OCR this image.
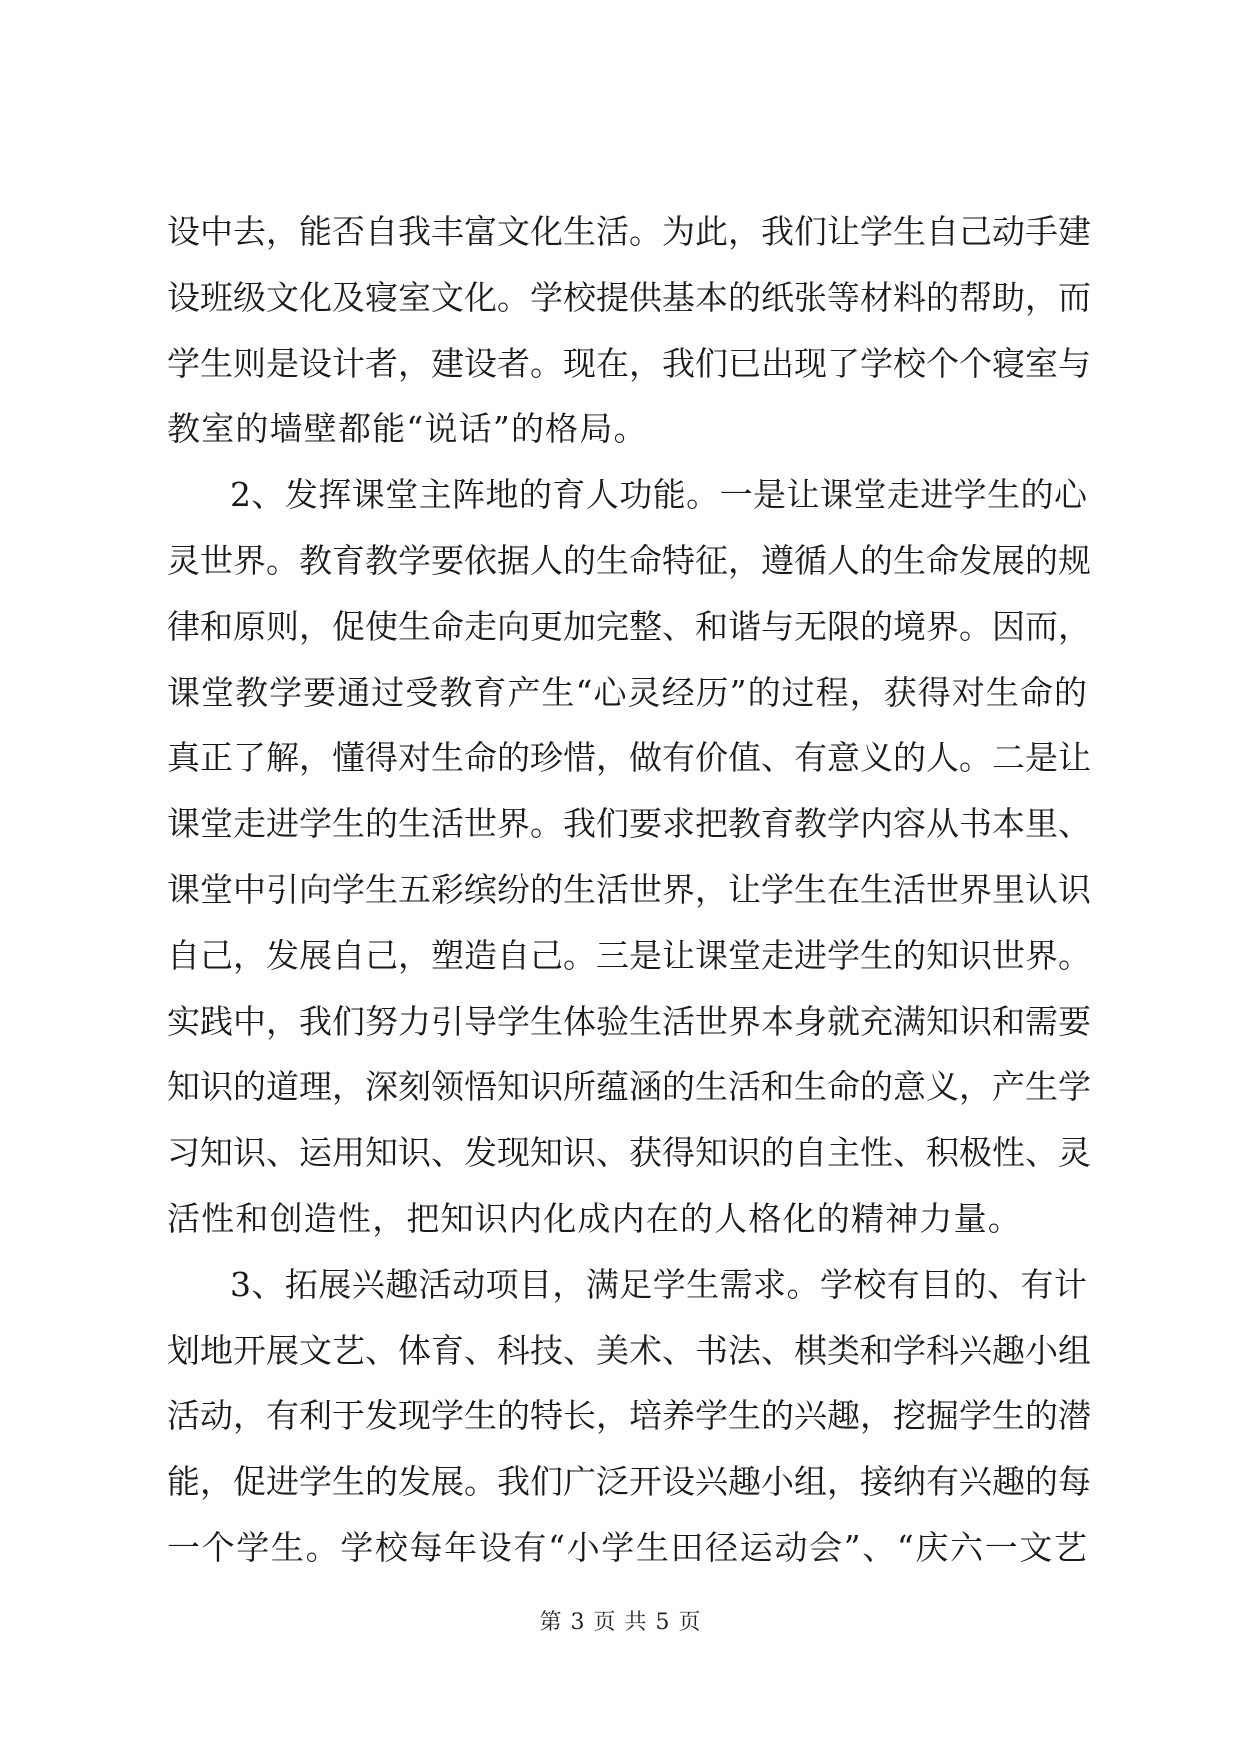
设中去，能否自我丰富文化生活。为此，我们让学生自己动手建
设班级文化及寝室文化。学校提供基本的纸张等材料的帮助，而
学生则是设计者，建设者。现在，我们已出现了学校个个寝室与
教室的墙壁都能“说话”的格局。
2、发挥课堂主阵地的育人功能。一是让课堂走进学生的心
灵世界。教育教学要依据人的生命特征，遵循人的生命发展的规
律和原则，促使生命走向更加完整、和谐与无限的境界。因而，
课堂教学要通过受教育产生“心灵经历”的过程，获得对生命的
真正了解，懂得对生命的珍惜，做有价值、有意义的人。二是让
课堂走进学生的生活世界。我们要求把教育教学内容从书本里、
课堂中引向学生五彩缤纷的生活世界，让学生在生活世界里认识
自己，发展自己，塑造自己。三是让课堂走进学生的知识世界。
实践中，我们努力引导学生体验生活世界本身就充满知识和需要
知识的道理，深刻领悟知识所蕴涵的生活和生命的意义，产生学
习知识、运用知识、发现知识、获得知识的自主性、积极性、灵
活性和创造性，把知识内化成内在的人格化的精神力量。
3、拓展兴趣活动项目，满足学生需求。学校有目的、有计
划地开展文艺、体育、科技、美术、书法、棋类和学科兴趣小组
活动，有利于发现学生的特长，培养学生的兴趣，挖掘学生的潜
能，促进学生的发展。我们广泛开设兴趣小组，接纳有兴趣的每
一个学生。学校每年设有“小学生田径运动会”、“庆六一文艺
第 3 页 共 5 页
